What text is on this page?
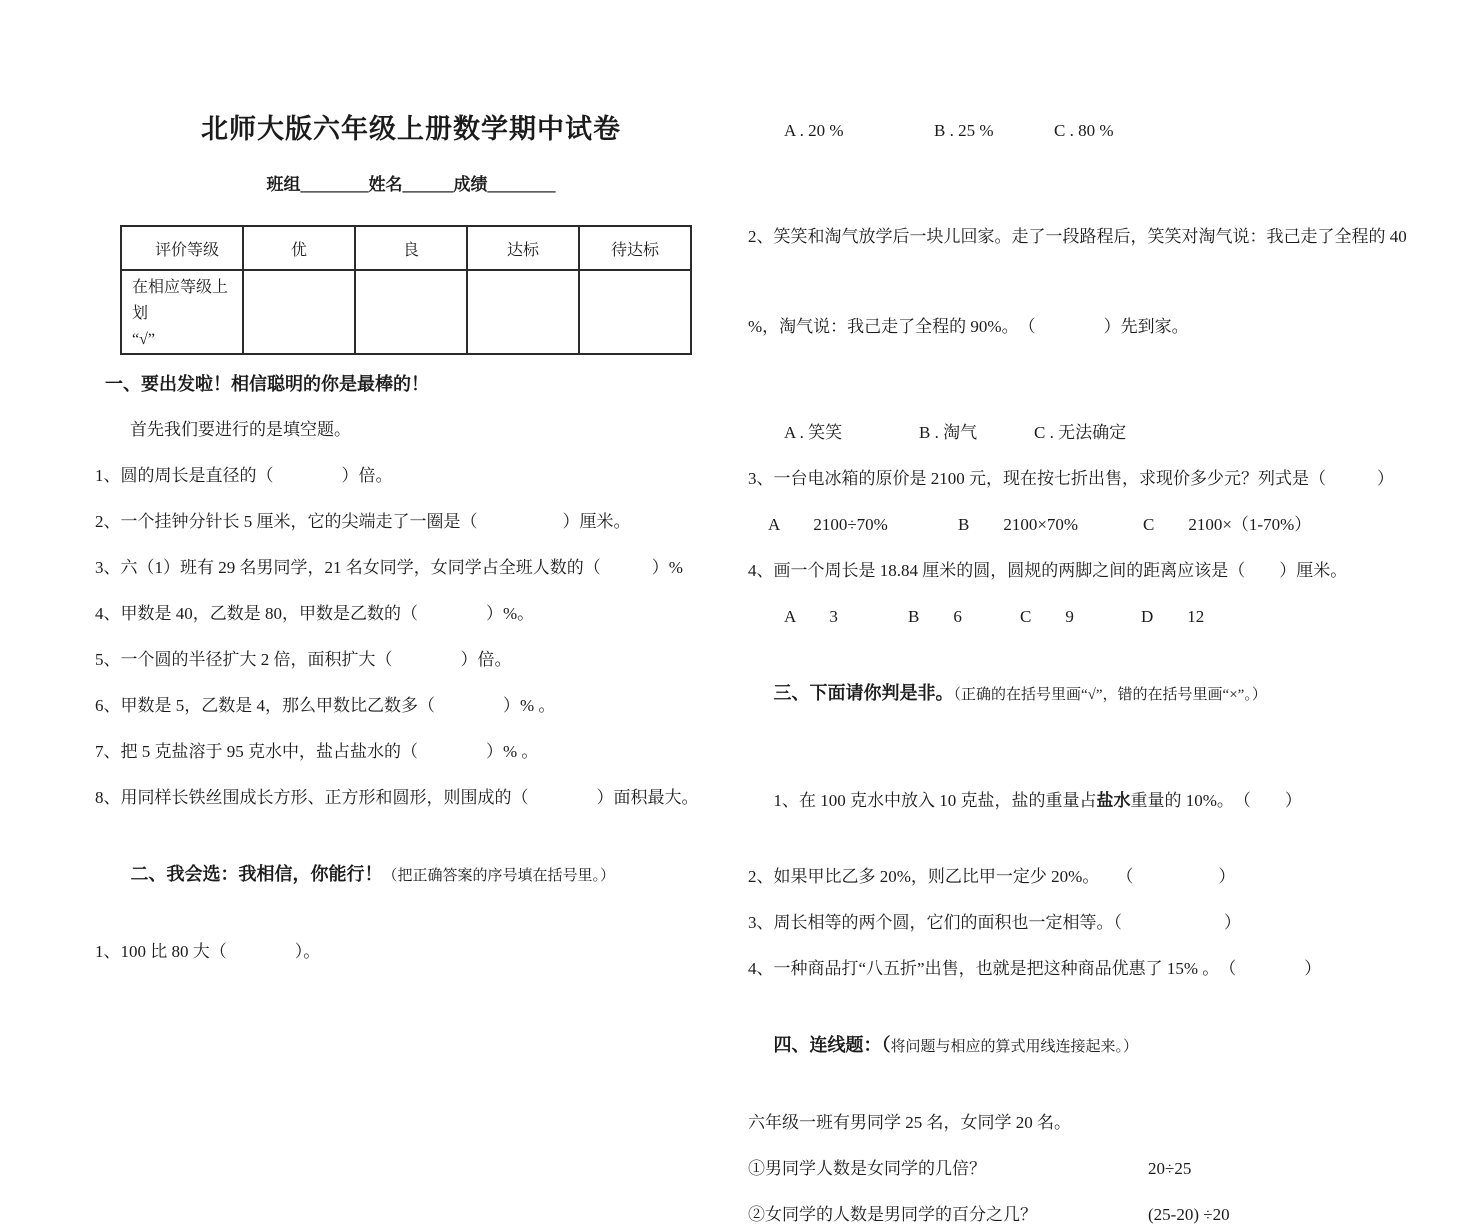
北师大版六年级上册数学期中试卷
班组________姓名______成绩________
评价等级	优	良	达标	待达标

在相应等级上划
“√”				

一、要出发啦！相信聪明的你是最棒的！
首先我们要进行的是填空题。
1、圆的周长是直径的（　　　　）倍。
2、一个挂钟分针长 5 厘米，它的尖端走了一圈是（　　　　　）厘米。
3、六（1）班有 29 名男同学，21 名女同学，女同学占全班人数的（　　　）%
4、甲数是 40，乙数是 80，甲数是乙数的（　　　　）%。
5、一个圆的半径扩大 2 倍，面积扩大（　　　　）倍。
6、甲数是 5，乙数是 4，那么甲数比乙数多（　　　　）% 。
7、把 5 克盐溶于 95 克水中，盐占盐水的（　　　　）% 。
8、用同样长铁丝围成长方形、正方形和圆形，则围成的（　　　　）面积最大。

二、我会选：我相信，你能行！（把正确答案的序号填在括号里。）

1、100 比 80 大（　　　　）。
A . 20 %	B . 25 %	C . 80 %

2、笑笑和淘气放学后一块儿回家。走了一段路程后，笑笑对淘气说：我己走了全程的 40

%，淘气说：我己走了全程的 90%。　（　　　　）先到家。

A . 笑笑	B . 淘气	C . 无法确定
3、一台电冰箱的原价是 2100 元，现在按七折出售，求现价多少元？列式是（　　　）
A　　2100÷70%	B　　2100×70%	C　　2100×（1-70%）
4、画一个周长是 18.84 厘米的圆，圆规的两脚之间的距离应该是（　　）厘米。
A　　3	B　　6	C　　9	D　　12

三、下面请你判是非。（正确的在括号里画“√”，错的在括号里画“×”。）

1、在 100 克水中放入 10 克盐，盐的重量占盐水重量的 10%。　（　　）

2、如果甲比乙多 20%，则乙比甲一定少 20%。　　（　　　　　）
3、周长相等的两个圆，它们的面积也一定相等。（　　　　　　）
4、一种商品打“八五折”出售，也就是把这种商品优惠了 15% 。　（　　　　）

四、连线题：（将问题与相应的算式用线连接起来。）

六年级一班有男同学 25 名，女同学 20 名。
①男同学人数是女同学的几倍？	20÷25
②女同学的人数是男同学的百分之几？	(25-20) ÷20
